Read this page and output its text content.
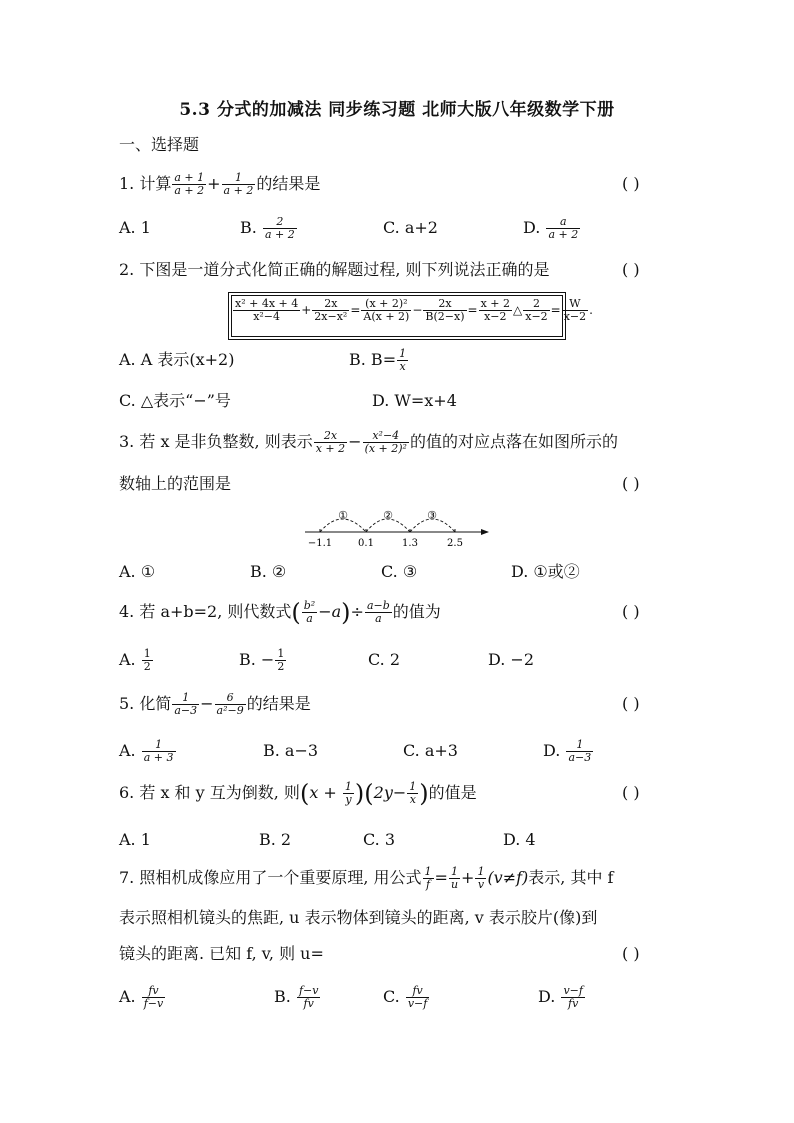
5.3 分式的加减法 同步练习题 北师大版八年级数学下册
一、选择题
1. 计算 $\frac{a + 1}{a + 2} + \frac{1}{a + 2}$ 的结果是	( )
A. 1	B. $\frac{2}{a + 2}$	C. a+2	D. $\frac{a}{a + 2}$
2. 下图是一道分式化简正确的解题过程, 则下列说法正确的是	( )
$\frac{\text{x² + 4x + 4}}{\text{x²−4}} + \frac{2x}{\text{2x−x²}} = \frac{\text{(x + 2)²}}{A(x + 2)} - \frac{2x}{B(2-x)} = \frac{x + 2}{x-2}$ △ $\frac{2}{x-2} = \frac{W}{x-2}$ .
A. A 表示(x+2)	B. $B= \frac{1}{x}$
C. △表示“−”号	D. W=x+4
3. 若 x 是非负整数, 则表示 $\frac{2x}{x + 2} - \frac{\text{x²−4}}{\text{(x + 2)²}}$ 的值的对应点落在如图所示的
数轴上的范围是	( )
①	②	③
−1.1	0.1	1.3	2.5
A. ①	B. ②	C. ③	D. ①或②
4. 若 a+b=2, 则代数式( $\frac{\text{b²}}{a} -a)\div \frac{a-b}{a}$ 的值为	( )
A. $\frac{1}{2}$	B. − $\frac{1}{2}$	C. 2	D. −2
5. 化简 $\frac{1}{a-3} - \frac{6}{\text{a²−9}}$ 的结果是	( )
A. $\frac{1}{a + 3}$	B. a−3	C. a+3	D. $\frac{1}{a-3}$
6. 若 x 和 y 互为倒数, 则$(x + \frac{1}{y} )(2y- \frac{1}{x}$ )的值是	( )
A. 1	B. 2	C. 3	D. 4
7. 照相机成像应用了一个重要原理, 用公式 $\frac{1}{f} = \frac{1}{u} + \frac{1}{v} (v\ne f)$表示, 其中 f
表示照相机镜头的焦距, u 表示物体到镜头的距离, v 表示胶片(像)到
镜头的距离. 已知 f, v, 则 u=	( )
A. $\frac{fv}{f-v}$	B. $\frac{f-v}{fv}$	C. $\frac{fv}{v-f}$	D. $\frac{v-f}{fv}$
